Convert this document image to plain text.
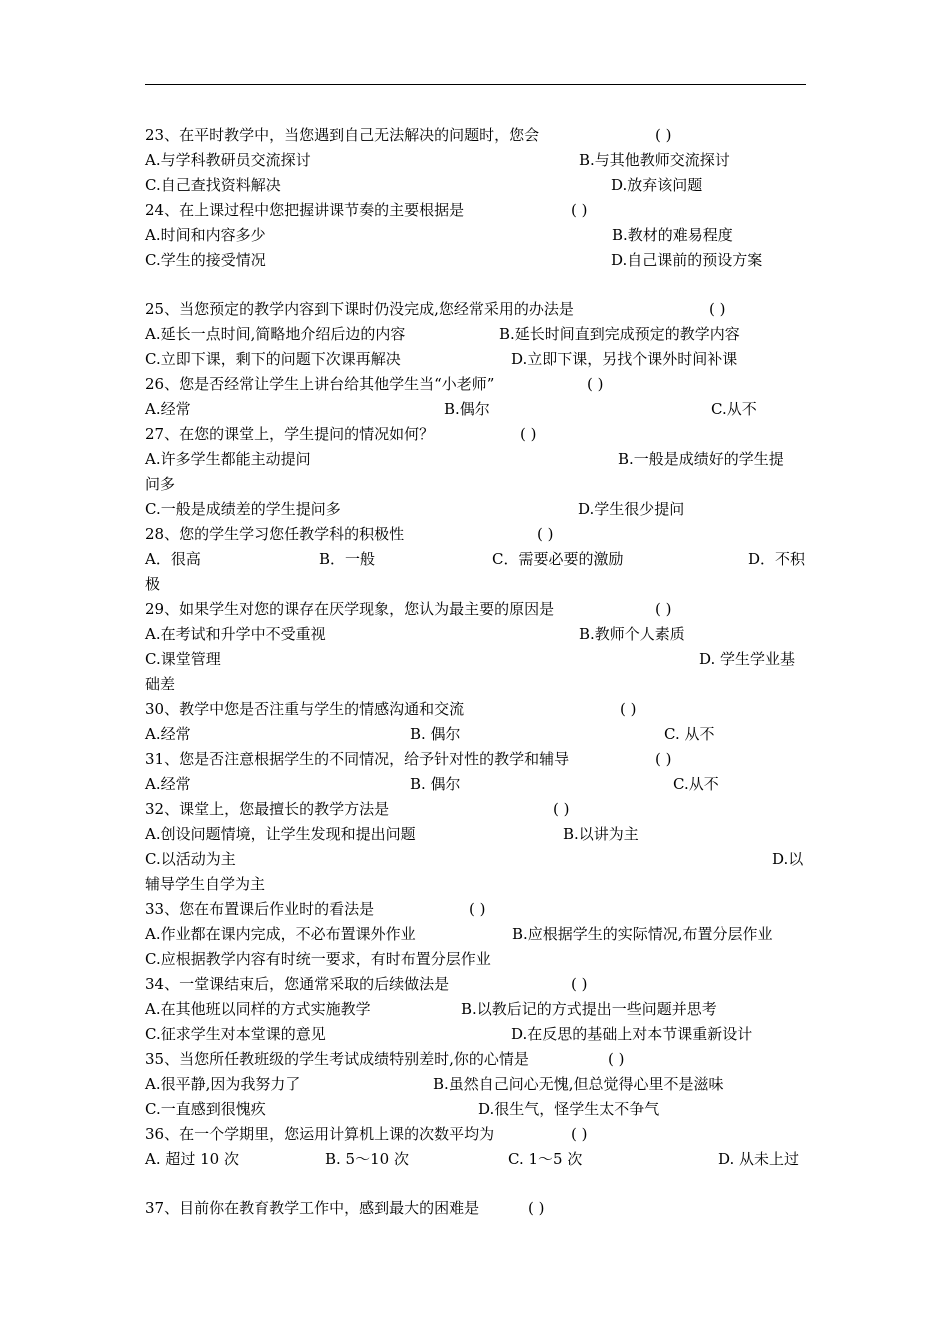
23、在平时教学中，当您遇到自己无法解决的问题时，您会	( )
A.与学科教研员交流探讨	B.与其他教师交流探讨
C.自己查找资料解决	D.放弃该问题
24、在上课过程中您把握讲课节奏的主要根据是	( )
A.时间和内容多少	B.教材的难易程度
C.学生的接受情况	D.自己课前的预设方案
25、当您预定的教学内容到下课时仍没完成,您经常采用的办法是	( )
A.延长一点时间,简略地介绍后边的内容	B.延长时间直到完成预定的教学内容
C.立即下课，剩下的问题下次课再解决	D.立即下课，另找个课外时间补课
26、您是否经常让学生上讲台给其他学生当“小老师”	( )
A.经常	B.偶尔	C.从不
27、在您的课堂上，学生提问的情况如何？	( )
A.许多学生都能主动提问	B.一般是成绩好的学生提
问多
C.一般是成绩差的学生提问多	D.学生很少提问
28、您的学生学习您任教学科的积极性	( )
A．很高	B．一般	C．需要必要的激励	D．不积
极
29、如果学生对您的课存在厌学现象，您认为最主要的原因是	( )
A.在考试和升学中不受重视	B.教师个人素质
C.课堂管理	D. 学生学业基
础差
30、教学中您是否注重与学生的情感沟通和交流	( )
A.经常	B. 偶尔	C. 从不
31、您是否注意根据学生的不同情况，给予针对性的教学和辅导	( )
A.经常	B. 偶尔	C.从不
32、课堂上，您最擅长的教学方法是	( )
A.创设问题情境，让学生发现和提出问题	B.以讲为主
C.以活动为主	D.以
辅导学生自学为主
33、您在布置课后作业时的看法是	( )
A.作业都在课内完成，不必布置课外作业	B.应根据学生的实际情况,布置分层作业
C.应根据教学内容有时统一要求，有时布置分层作业
34、一堂课结束后，您通常采取的后续做法是	( )
A.在其他班以同样的方式实施教学	B.以教后记的方式提出一些问题并思考
C.征求学生对本堂课的意见	D.在反思的基础上对本节课重新设计
35、当您所任教班级的学生考试成绩特别差时,你的心情是	( )
A.很平静,因为我努力了	B.虽然自己问心无愧,但总觉得心里不是滋味
C.一直感到很愧疚	D.很生气，怪学生太不争气
36、在一个学期里，您运用计算机上课的次数平均为	( )
A. 超过 10 次	B. 5～10 次	C. 1～5 次	D. 从未上过
37、目前你在教育教学工作中，感到最大的困难是	( )
